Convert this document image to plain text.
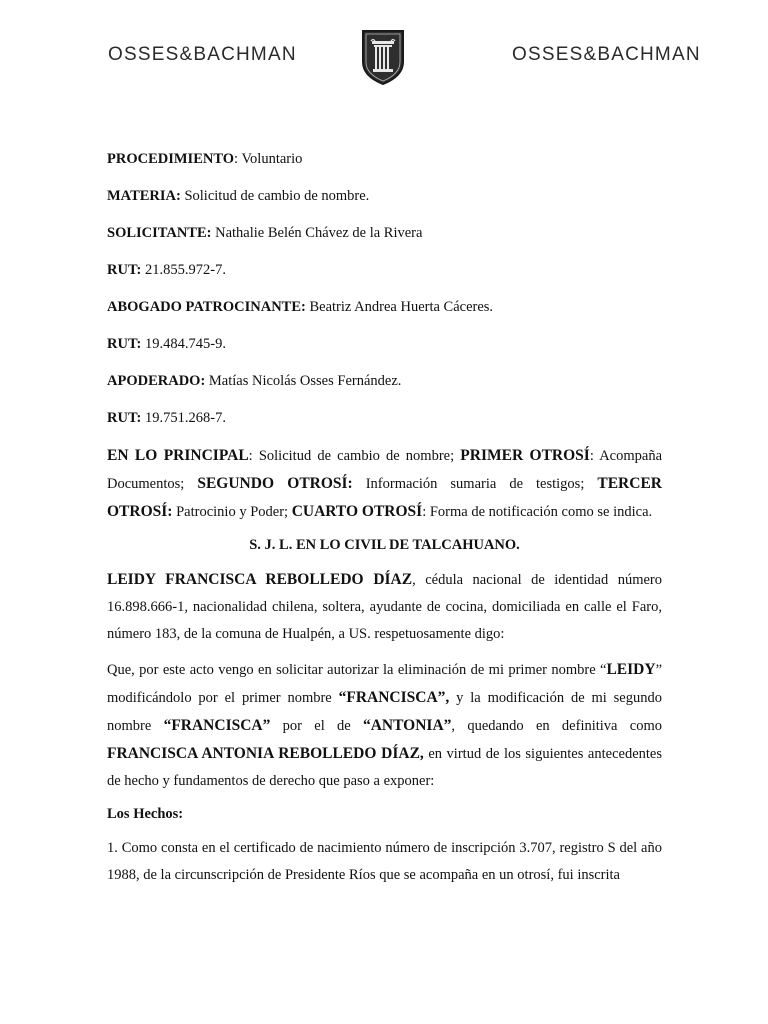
OSSES&BACHMAN	OSSES&BACHMAN
PROCEDIMIENTO: Voluntario
MATERIA: Solicitud de cambio de nombre.
SOLICITANTE: Nathalie Belén Chávez de la Rivera
RUT: 21.855.972-7.
ABOGADO PATROCINANTE: Beatriz Andrea Huerta Cáceres.
RUT: 19.484.745-9.
APODERADO: Matías Nicolás Osses Fernández.
RUT: 19.751.268-7.

EN LO PRINCIPAL: Solicitud de cambio de nombre; PRIMER OTROSÍ: Acompaña Documentos; SEGUNDO OTROSÍ: Información sumaria de testigos; TERCER OTROSÍ: Patrocinio y Poder; CUARTO OTROSÍ: Forma de notificación como se indica.

S. J. L. EN LO CIVIL DE TALCAHUANO.

LEIDY FRANCISCA REBOLLEDO DÍAZ, cédula nacional de identidad número 16.898.666-1, nacionalidad chilena, soltera, ayudante de cocina, domiciliada en calle el Faro, número 183, de la comuna de Hualpén, a US. respetuosamente digo:

Que, por este acto vengo en solicitar autorizar la eliminación de mi primer nombre “LEIDY” modificándolo por el primer nombre “FRANCISCA”, y la modificación de mi segundo nombre “FRANCISCA” por el de “ANTONIA”, quedando en definitiva como FRANCISCA ANTONIA REBOLLEDO DÍAZ, en virtud de los siguientes antecedentes de hecho y fundamentos de derecho que paso a exponer:

Los Hechos:

1. Como consta en el certificado de nacimiento número de inscripción 3.707, registro S del año 1988, de la circunscripción de Presidente Ríos que se acompaña en un otrosí, fui inscrita
